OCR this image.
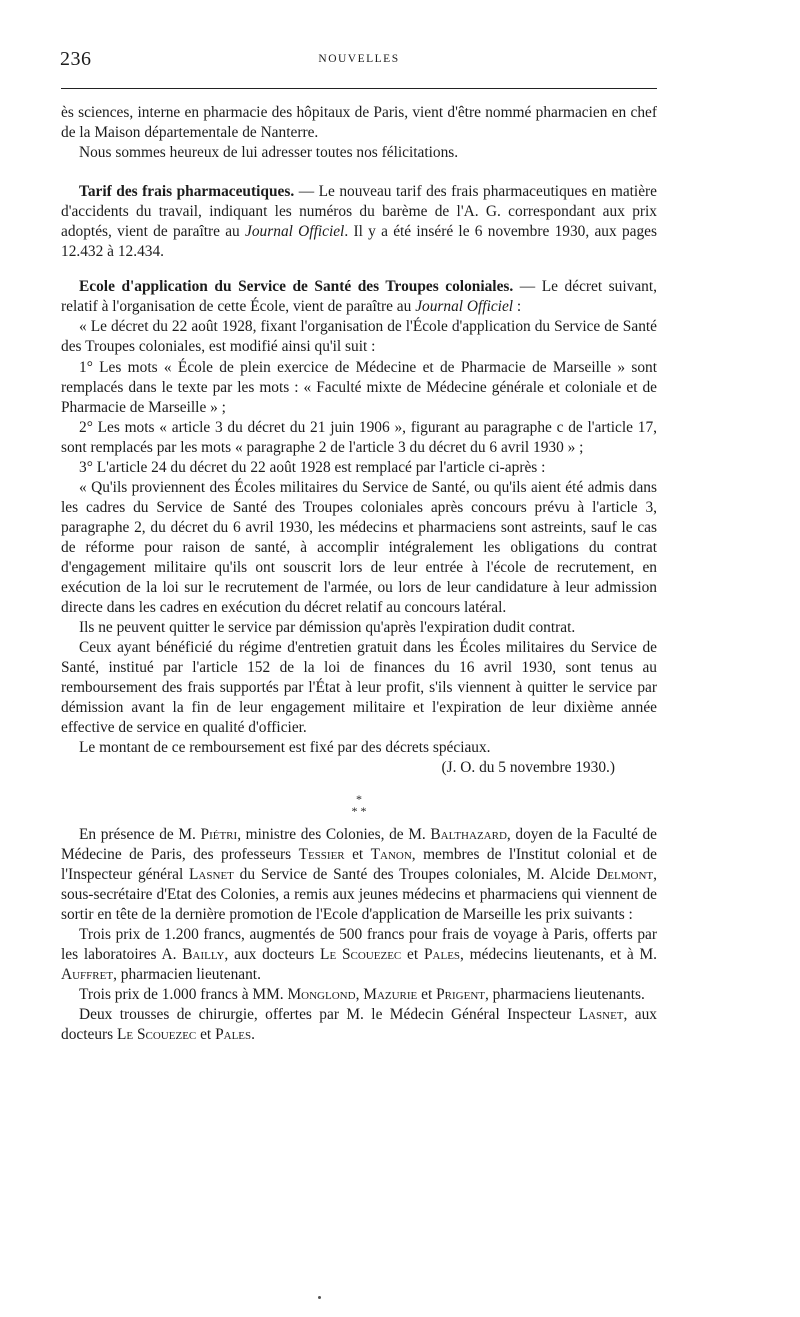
236	NOUVELLES

ès sciences, interne en pharmacie des hôpitaux de Paris, vient d'être nommé pharmacien en chef de la Maison départementale de Nanterre.

Nous sommes heureux de lui adresser toutes nos félicitations.

Tarif des frais pharmaceutiques. — Le nouveau tarif des frais pharmaceutiques en matière d'accidents du travail, indiquant les numéros du barème de l'A. G. correspondant aux prix adoptés, vient de paraître au Journal Officiel. Il y a été inséré le 6 novembre 1930, aux pages 12.432 à 12.434.

Ecole d'application du Service de Santé des Troupes coloniales. — Le décret suivant, relatif à l'organisation de cette École, vient de paraître au Journal Officiel :

« Le décret du 22 août 1928, fixant l'organisation de l'École d'application du Service de Santé des Troupes coloniales, est modifié ainsi qu'il suit :

1° Les mots « École de plein exercice de Médecine et de Pharmacie de Marseille » sont remplacés dans le texte par les mots : « Faculté mixte de Médecine générale et coloniale et de Pharmacie de Marseille » ;

2° Les mots « article 3 du décret du 21 juin 1906 », figurant au paragraphe c de l'article 17, sont remplacés par les mots « paragraphe 2 de l'article 3 du décret du 6 avril 1930 » ;

3° L'article 24 du décret du 22 août 1928 est remplacé par l'article ci-après :

« Qu'ils proviennent des Écoles militaires du Service de Santé, ou qu'ils aient été admis dans les cadres du Service de Santé des Troupes coloniales après concours prévu à l'article 3, paragraphe 2, du décret du 6 avril 1930, les médecins et pharmaciens sont astreints, sauf le cas de réforme pour raison de santé, à accomplir intégralement les obligations du contrat d'engagement militaire qu'ils ont souscrit lors de leur entrée à l'école de recrutement, en exécution de la loi sur le recrutement de l'armée, ou lors de leur candidature à leur admission directe dans les cadres en exécution du décret relatif au concours latéral.

Ils ne peuvent quitter le service par démission qu'après l'expiration dudit contrat.

Ceux ayant bénéficié du régime d'entretien gratuit dans les Écoles militaires du Service de Santé, institué par l'article 152 de la loi de finances du 16 avril 1930, sont tenus au remboursement des frais supportés par l'État à leur profit, s'ils viennent à quitter le service par démission avant la fin de leur engagement militaire et l'expiration de leur dixième année effective de service en qualité d'officier.

Le montant de ce remboursement est fixé par des décrets spéciaux.

(J. O. du 5 novembre 1930.)

*
* *

En présence de M. Piétri, ministre des Colonies, de M. Balthazard, doyen de la Faculté de Médecine de Paris, des professeurs Tessier et Tanon, membres de l'Institut colonial et de l'Inspecteur général Lasnet du Service de Santé des Troupes coloniales, M. Alcide Delmont, sous-secrétaire d'Etat des Colonies, a remis aux jeunes médecins et pharmaciens qui viennent de sortir en tête de la dernière promotion de l'Ecole d'application de Marseille les prix suivants :

Trois prix de 1.200 francs, augmentés de 500 francs pour frais de voyage à Paris, offerts par les laboratoires A. Bailly, aux docteurs Le Scouezec et Pales, médecins lieutenants, et à M. Auffret, pharmacien lieutenant.

Trois prix de 1.000 francs à MM. Monglond, Mazurie et Prigent, pharmaciens lieutenants.

Deux trousses de chirurgie, offertes par M. le Médecin Général Inspecteur Lasnet, aux docteurs Le Scouezec et Pales.
